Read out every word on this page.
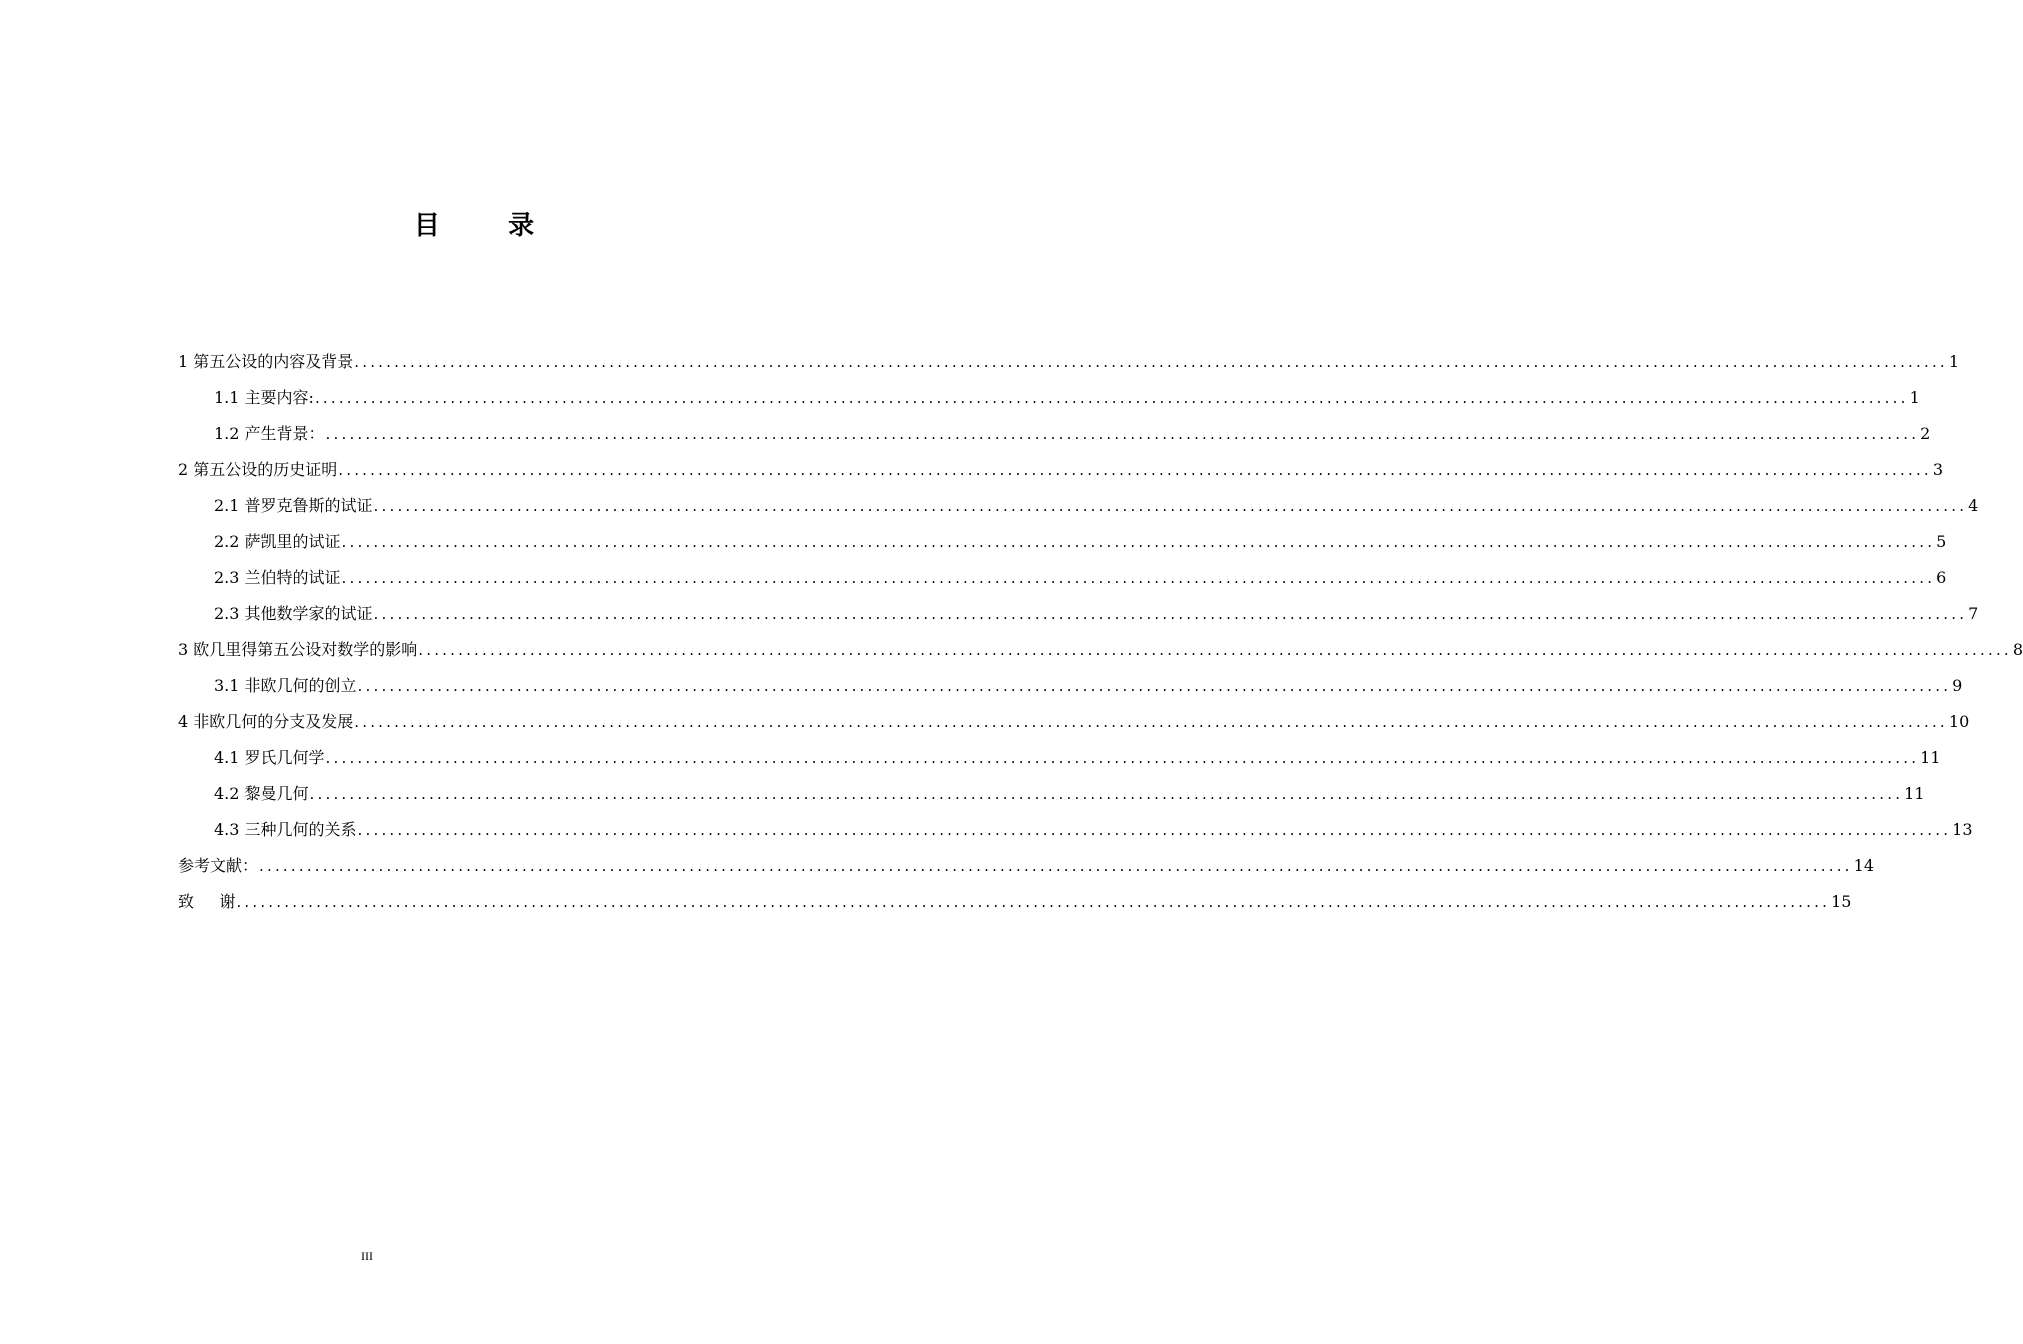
目      录
1 第五公设的内容及背景 ........................................................................................................................................................................................................ 1
1.1 主要内容: ........................................................................................................................................................................................................ 1
1.2 产生背景： ........................................................................................................................................................................................................ 2
2 第五公设的历史证明 ........................................................................................................................................................................................................ 3
2.1 普罗克鲁斯的试证 ........................................................................................................................................................................................................ 4
2.2 萨凯里的试证 ........................................................................................................................................................................................................ 5
2.3 兰伯特的试证 ........................................................................................................................................................................................................ 6
2.3 其他数学家的试证 ........................................................................................................................................................................................................ 7
3 欧几里得第五公设对数学的影响 ........................................................................................................................................................................................................ 8
3.1 非欧几何的创立 ........................................................................................................................................................................................................ 9
4 非欧几何的分支及发展 ........................................................................................................................................................................................................ 10
4.1 罗氏几何学 ........................................................................................................................................................................................................ 11
4.2 黎曼几何 ........................................................................................................................................................................................................ 11
4.3 三种几何的关系 ........................................................................................................................................................................................................ 13
参考文献： ........................................................................................................................................................................................................ 14
致     谢 ........................................................................................................................................................................................................ 15
III
